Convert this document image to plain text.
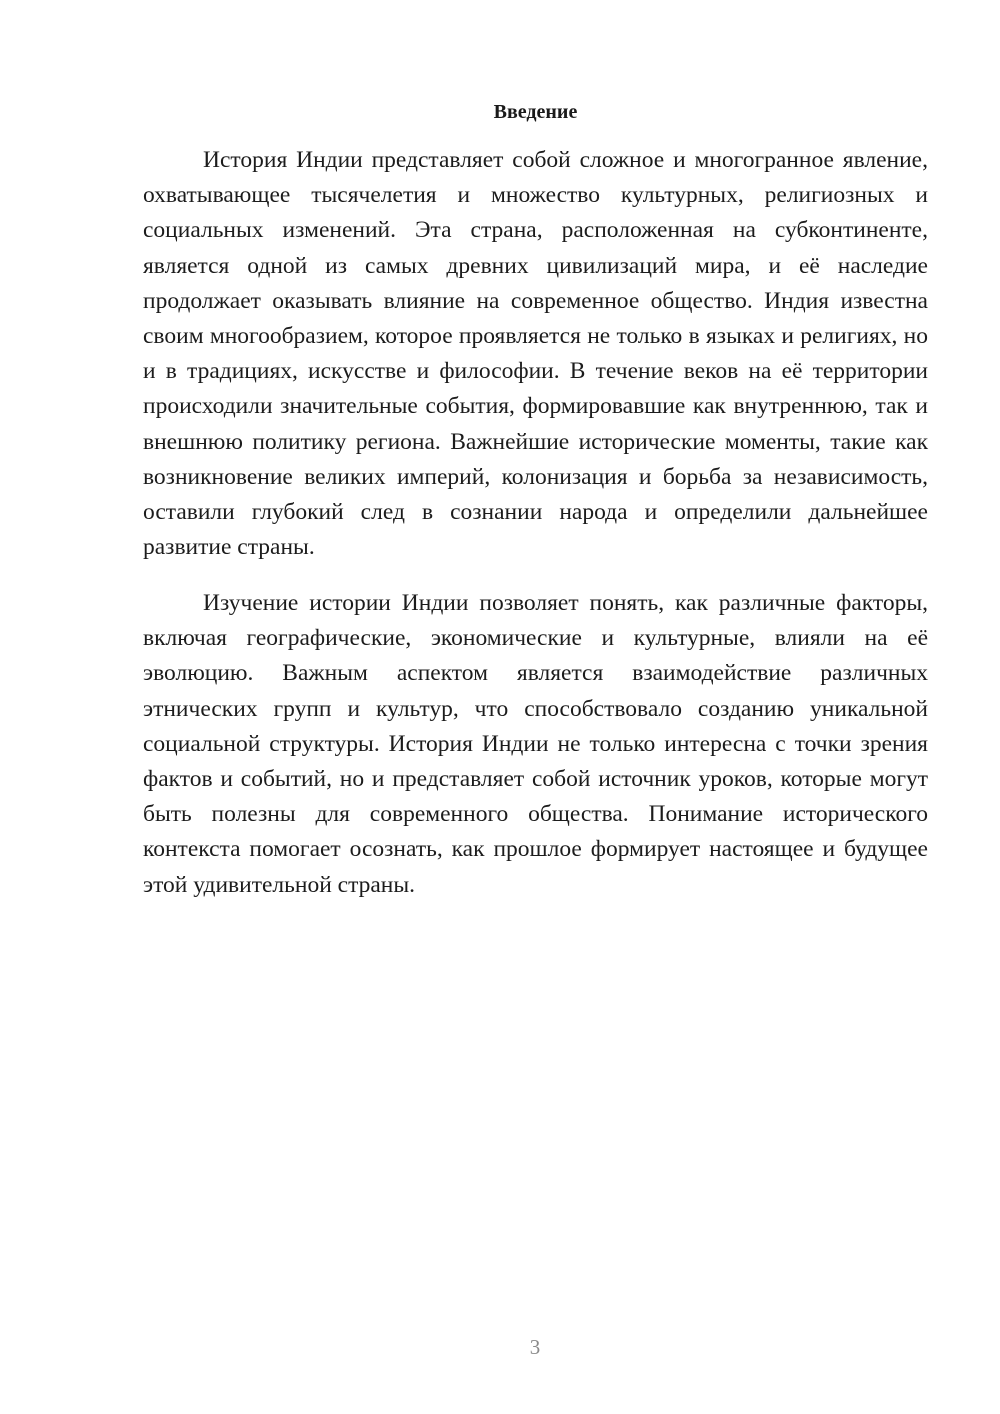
Введение

История Индии представляет собой сложное и многогранное явление, охватывающее тысячелетия и множество культурных, религиозных и социальных изменений. Эта страна, расположенная на субконтиненте, является одной из самых древних цивилизаций мира, и её наследие продолжает оказывать влияние на современное общество. Индия известна своим многообразием, которое проявляется не только в языках и религиях, но и в традициях, искусстве и философии. В течение веков на её территории происходили значительные события, формировавшие как внутреннюю, так и внешнюю политику региона. Важнейшие исторические моменты, такие как возникновение великих империй, колонизация и борьба за независимость, оставили глубокий след в сознании народа и определили дальнейшее развитие страны.

Изучение истории Индии позволяет понять, как различные факторы, включая географические, экономические и культурные, влияли на её эволюцию. Важным аспектом является взаимодействие различных этнических групп и культур, что способствовало созданию уникальной социальной структуры. История Индии не только интересна с точки зрения фактов и событий, но и представляет собой источник уроков, которые могут быть полезны для современного общества. Понимание исторического контекста помогает осознать, как прошлое формирует настоящее и будущее этой удивительной страны.

3
